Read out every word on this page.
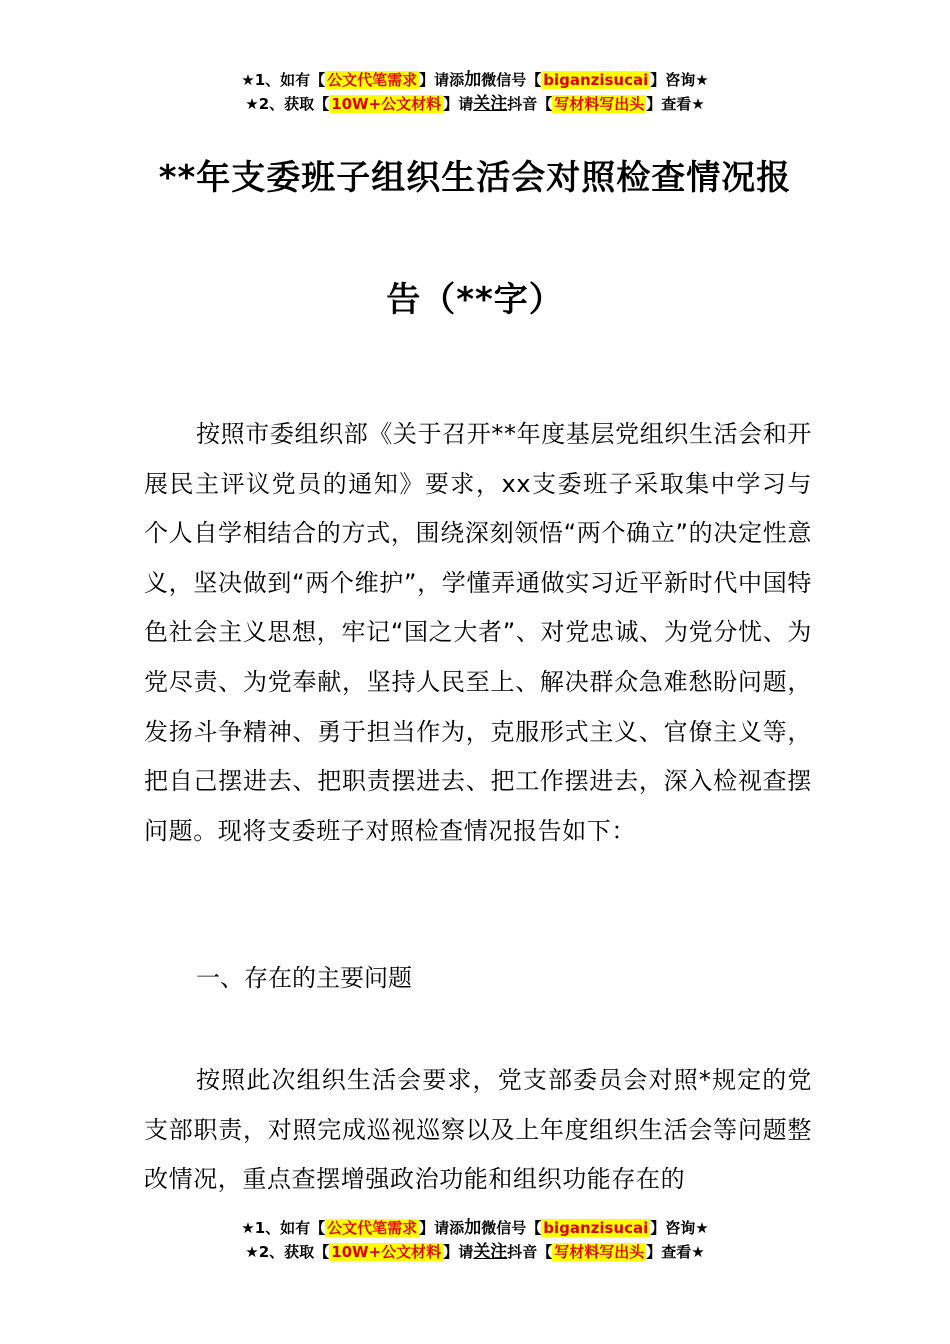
★1、如有【 公文代笔需求 】请添加微信号【 biganzisucai 】咨询★
★2、获取【 10W+公文材料 】请关注抖音【 写材料写出头 】查看★
**年支委班子组织生活会对照检查情况报
告（**字）

按照市委组织部《关于召开**年度基层党组织生活会和开展民主评议党员的通知》要求，xx支委班子采取集中学习与个人自学相结合的方式，围绕深刻领悟“两个确立”的决定性意义，坚决做到“两个维护”，学懂弄通做实习近平新时代中国特色社会主义思想，牢记“国之大者”、对党忠诚、为党分忧、为党尽责、为党奉献，坚持人民至上、解决群众急难愁盼问题，发扬斗争精神、勇于担当作为，克服形式主义、官僚主义等，把自己摆进去、把职责摆进去、把工作摆进去，深入检视查摆问题。现将支委班子对照检查情况报告如下：

一、存在的主要问题

按照此次组织生活会要求，党支部委员会对照*规定的党支部职责，对照完成巡视巡察以及上年度组织生活会等问题整改情况，重点查摆增强政治功能和组织功能存在的

★1、如有【 公文代笔需求 】请添加微信号【 biganzisucai 】咨询★
★2、获取【 10W+公文材料 】请关注抖音【 写材料写出头 】查看★
